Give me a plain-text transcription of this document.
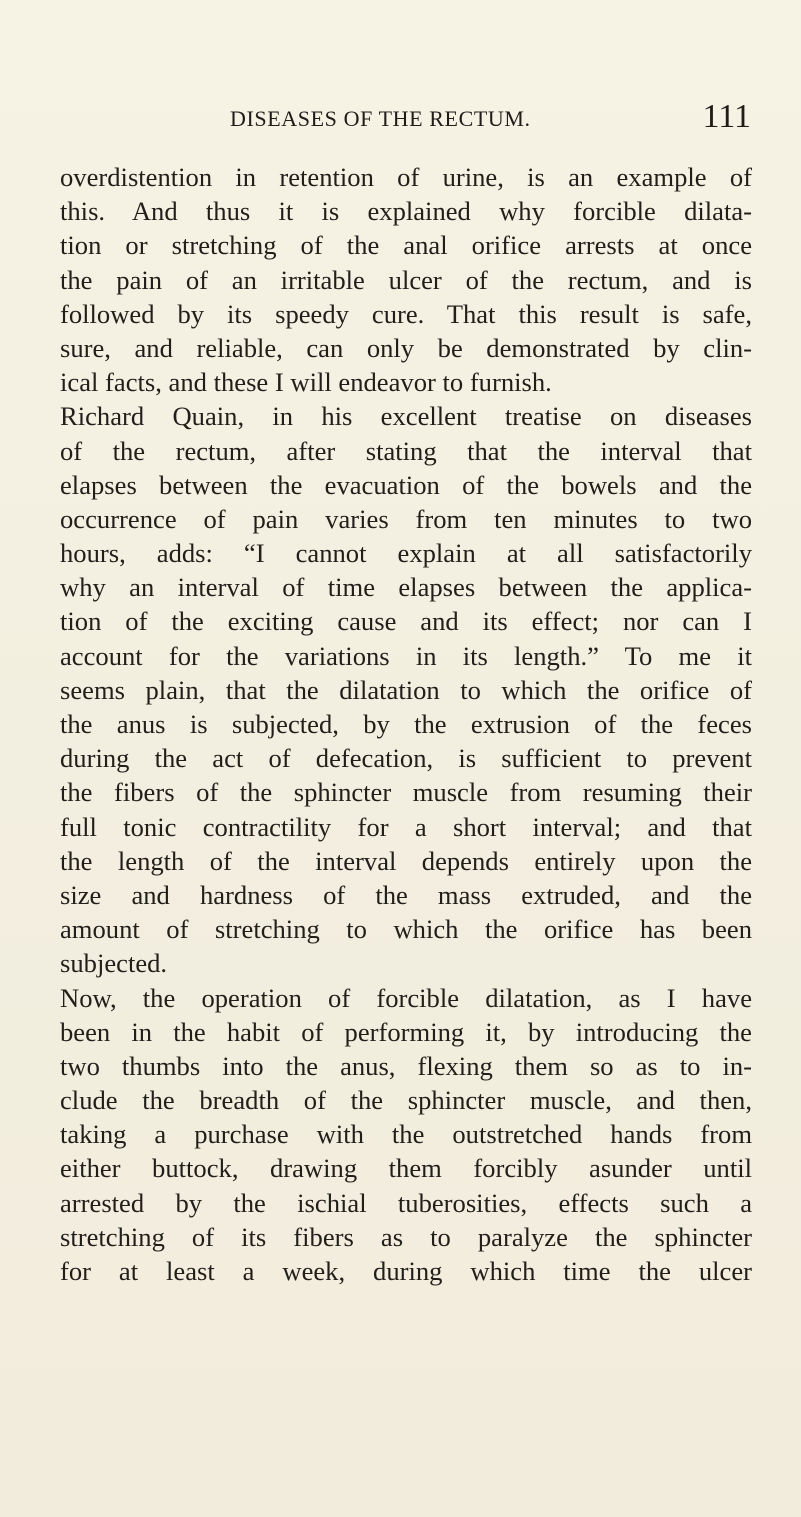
DISEASES OF THE RECTUM.	111
overdistention in retention of urine, is an example of
this. And thus it is explained why forcible dilata-
tion or stretching of the anal orifice arrests at once
the pain of an irritable ulcer of the rectum, and is
followed by its speedy cure. That this result is safe,
sure, and reliable, can only be demonstrated by clin-
ical facts, and these I will endeavor to furnish.
Richard Quain, in his excellent treatise on diseases
of the rectum, after stating that the interval that
elapses between the evacuation of the bowels and the
occurrence of pain varies from ten minutes to two
hours, adds: “I cannot explain at all satisfactorily
why an interval of time elapses between the applica-
tion of the exciting cause and its effect; nor can I
account for the variations in its length.” To me it
seems plain, that the dilatation to which the orifice of
the anus is subjected, by the extrusion of the feces
during the act of defecation, is sufficient to prevent
the fibers of the sphincter muscle from resuming their
full tonic contractility for a short interval; and that
the length of the interval depends entirely upon the
size and hardness of the mass extruded, and the
amount of stretching to which the orifice has been
subjected.
Now, the operation of forcible dilatation, as I have
been in the habit of performing it, by introducing the
two thumbs into the anus, flexing them so as to in-
clude the breadth of the sphincter muscle, and then,
taking a purchase with the outstretched hands from
either buttock, drawing them forcibly asunder until
arrested by the ischial tuberosities, effects such a
stretching of its fibers as to paralyze the sphincter
for at least a week, during which time the ulcer
